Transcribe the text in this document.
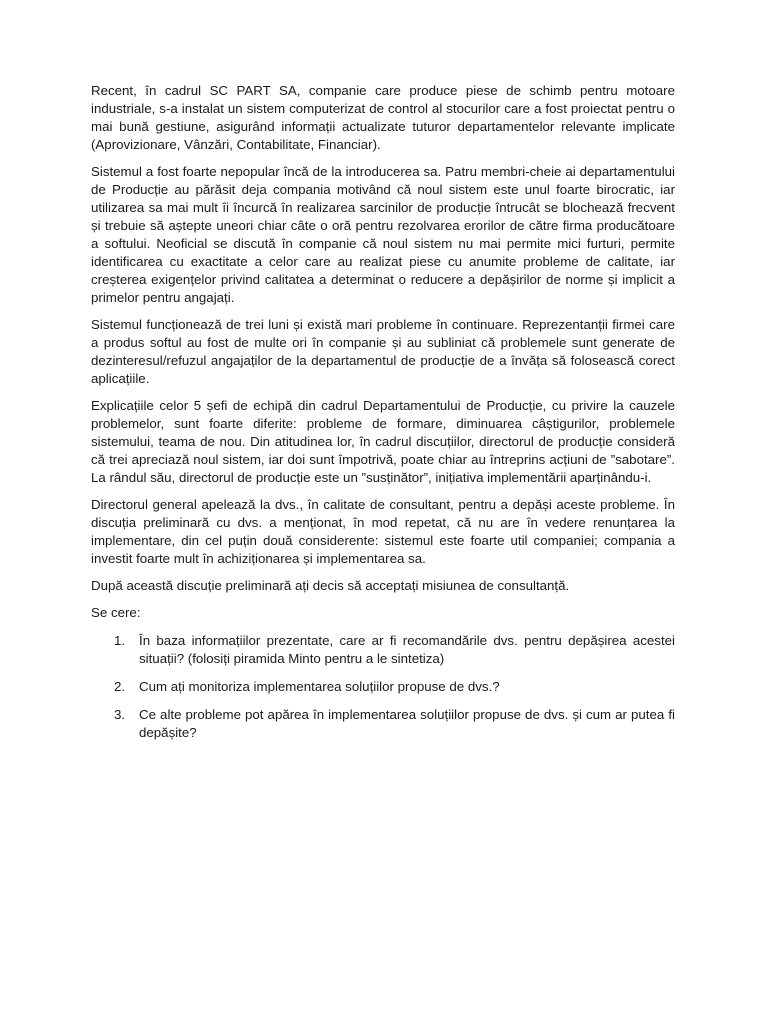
Recent, în cadrul SC PART SA, companie care produce piese de schimb pentru motoare industriale, s-a instalat un sistem computerizat de control al stocurilor care a fost proiectat pentru o mai bună gestiune, asigurând informații actualizate tuturor departamentelor relevante implicate (Aprovizionare, Vânzări, Contabilitate, Financiar).

Sistemul a fost foarte nepopular încă de la introducerea sa. Patru membri-cheie ai departamentului de Producție au părăsit deja compania motivând că noul sistem este unul foarte birocratic, iar utilizarea sa mai mult îi încurcă în realizarea sarcinilor de producție întrucât se blochează frecvent și trebuie să aștepte uneori chiar câte o oră pentru rezolvarea erorilor de către firma producătoare a softului. Neoficial se discută în companie că noul sistem nu mai permite mici furturi, permite identificarea cu exactitate a celor care au realizat piese cu anumite probleme de calitate, iar creșterea exigențelor privind calitatea a determinat o reducere a depășirilor de norme și implicit a primelor pentru angajați.

Sistemul funcționează de trei luni și există mari probleme în continuare. Reprezentanții firmei care a produs softul au fost de multe ori în companie și au subliniat că problemele sunt generate de dezinteresul/refuzul angajaților de la departamentul de producție de a învăța să folosească corect aplicațiile.

Explicațiile celor 5 șefi de echipă din cadrul Departamentului de Producție, cu privire la cauzele problemelor, sunt foarte diferite: probleme de formare, diminuarea câștigurilor, problemele sistemului, teama de nou. Din atitudinea lor, în cadrul discuțiilor, directorul de producție consideră că trei apreciază noul sistem, iar doi sunt împotrivă, poate chiar au întreprins acțiuni de ”sabotare”. La rândul său, directorul de producție este un ”susținător”, inițiativa implementării aparținându-i.

Directorul general apelează la dvs., în calitate de consultant, pentru a depăși aceste probleme. În discuția preliminară cu dvs. a menționat, în mod repetat, că nu are în vedere renunțarea la implementare, din cel puțin două considerente: sistemul este foarte util companiei; compania a investit foarte mult în achiziționarea și implementarea sa.

După această discuție preliminară ați decis să acceptați misiunea de consultanță.

Se cere:

1. În baza informațiilor prezentate, care ar fi recomandările dvs. pentru depășirea acestei situații? (folosiți piramida Minto pentru a le sintetiza)
2. Cum ați monitoriza implementarea soluțiilor propuse de dvs.?
3. Ce alte probleme pot apărea în implementarea soluțiilor propuse de dvs. și cum ar putea fi depășite?
